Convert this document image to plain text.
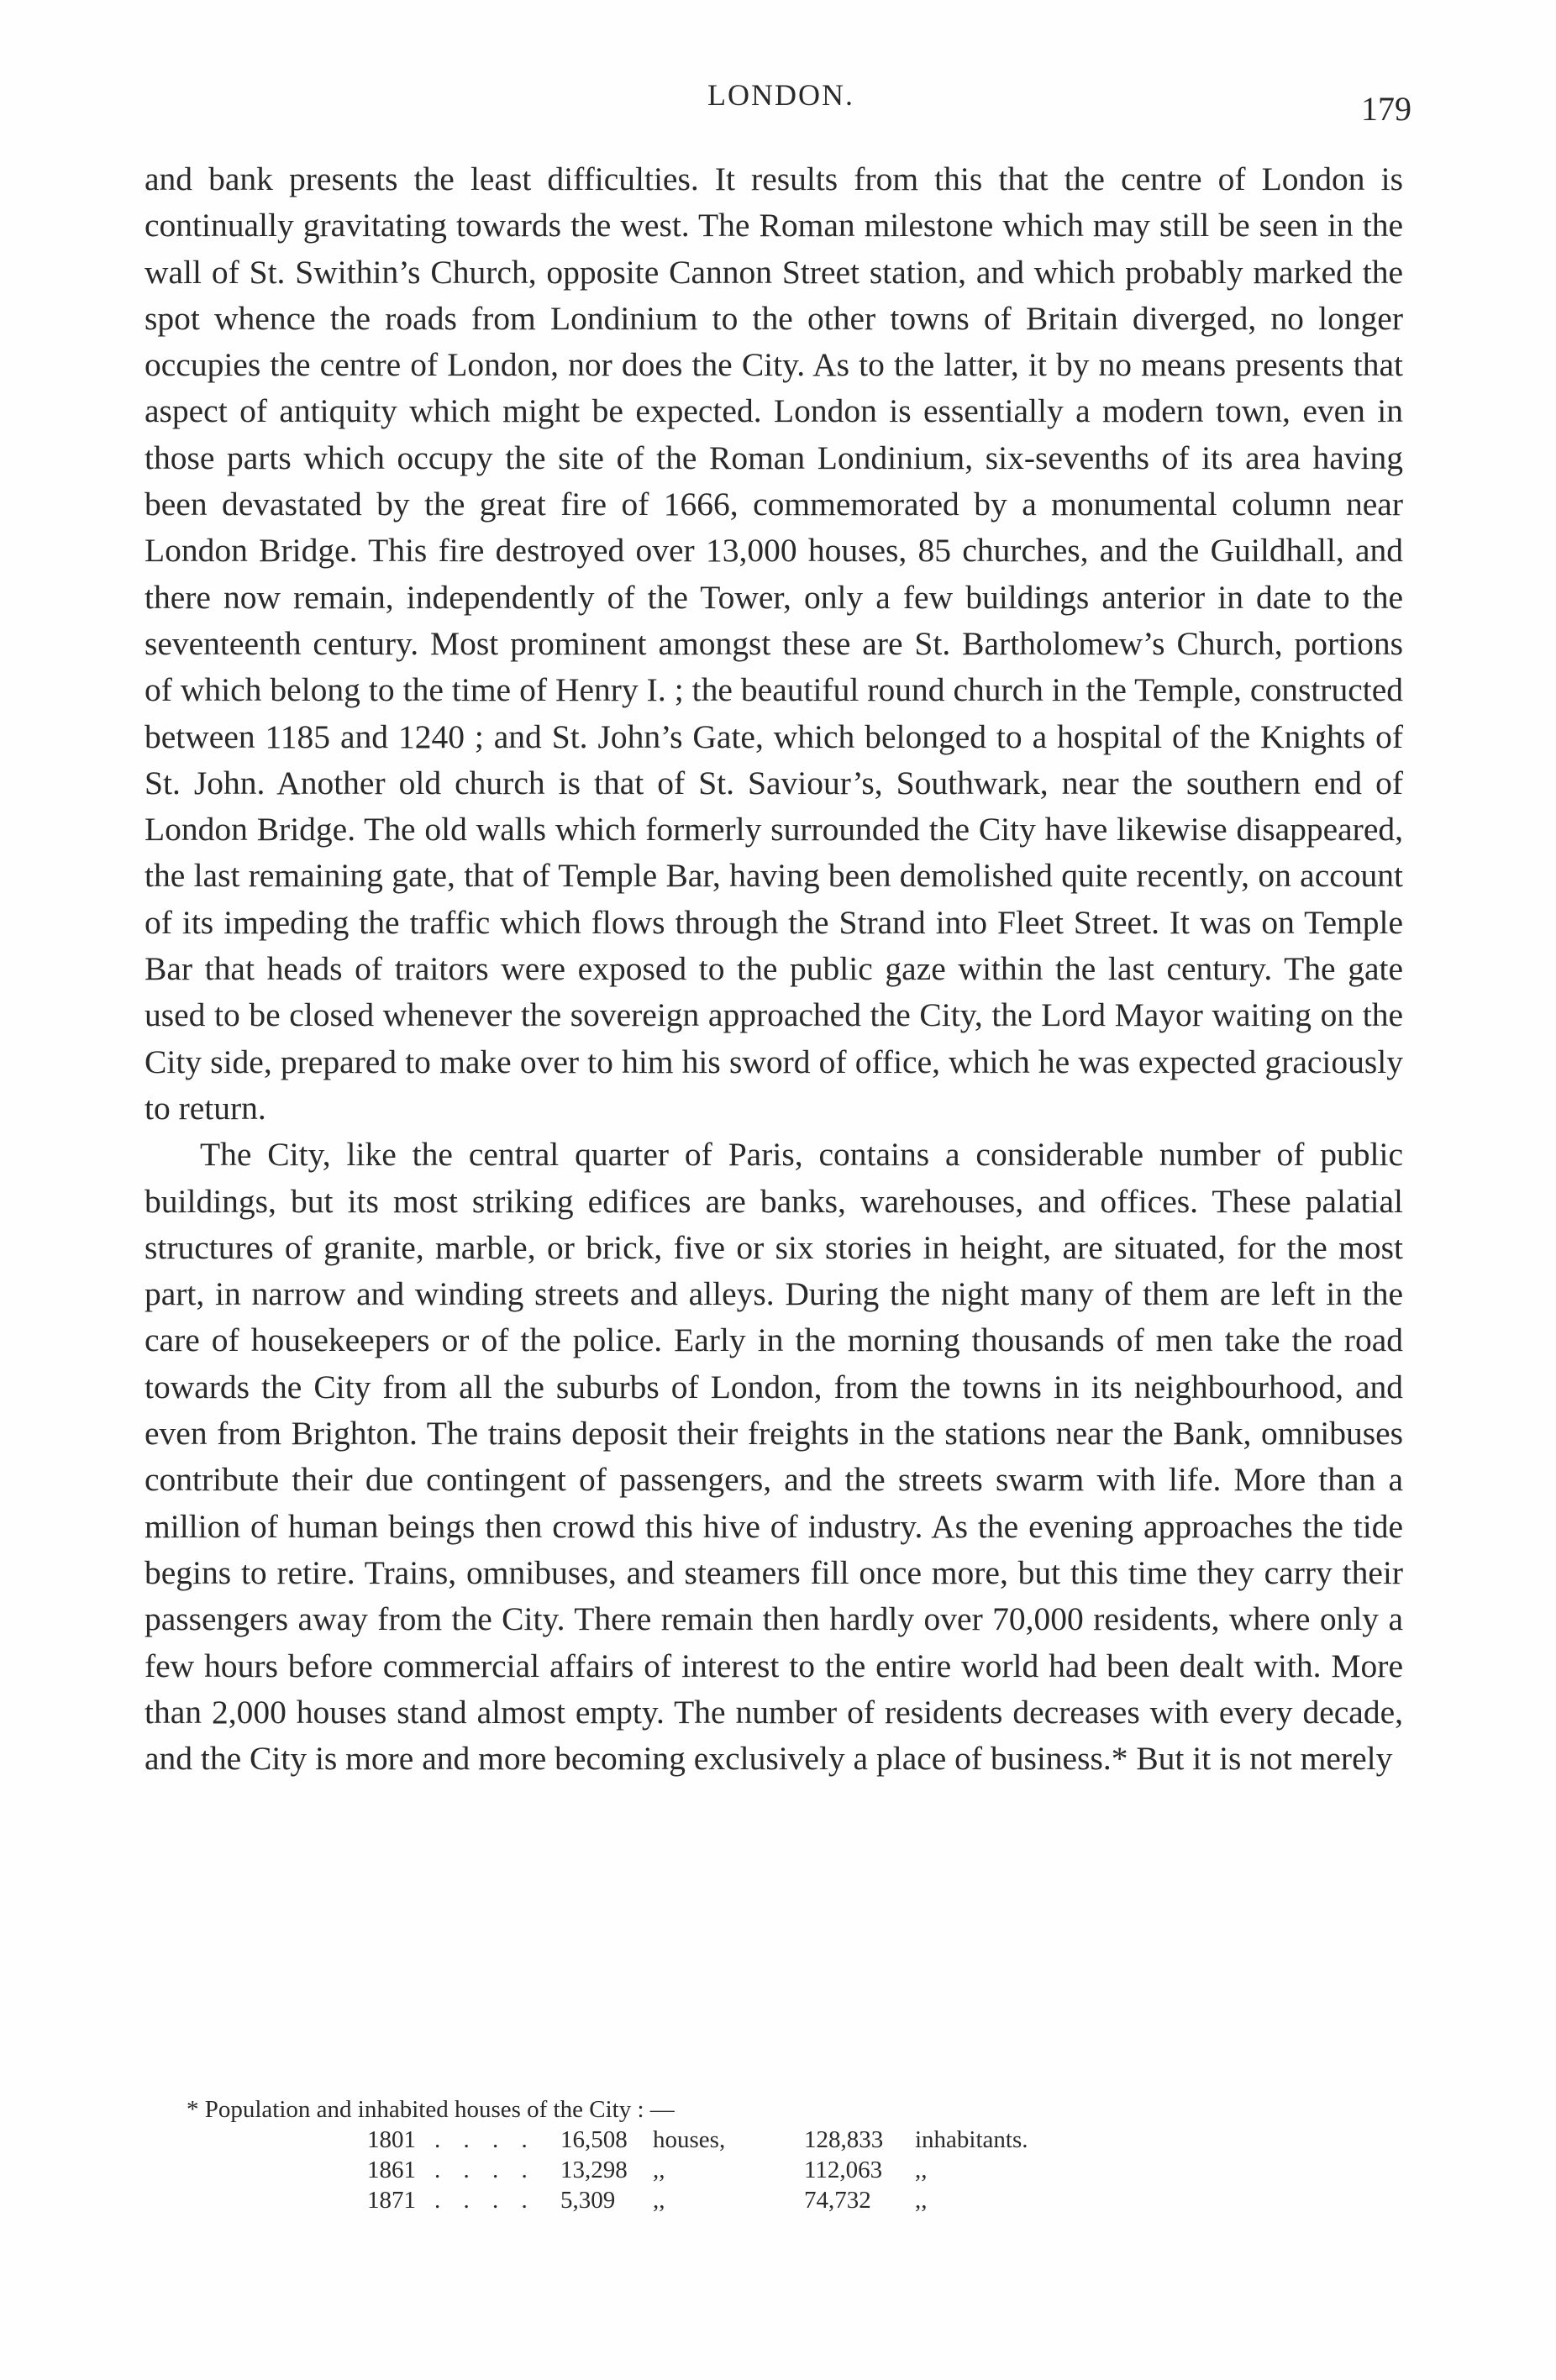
LONDON.	179

and bank presents the least difficulties. It results from this that the centre of London is continually gravitating towards the west. The Roman milestone which may still be seen in the wall of St. Swithin’s Church, opposite Cannon Street station, and which probably marked the spot whence the roads from Londinium to the other towns of Britain diverged, no longer occupies the centre of London, nor does the City. As to the latter, it by no means presents that aspect of antiquity which might be expected. London is essentially a modern town, even in those parts which occupy the site of the Roman Londinium, six-sevenths of its area having been devastated by the great fire of 1666, commemorated by a monumental column near London Bridge. This fire destroyed over 13,000 houses, 85 churches, and the Guildhall, and there now remain, independently of the Tower, only a few buildings anterior in date to the seventeenth century. Most prominent amongst these are St. Bartholomew’s Church, portions of which belong to the time of Henry I. ; the beautiful round church in the Temple, constructed between 1185 and 1240 ; and St. John’s Gate, which belonged to a hospital of the Knights of St. John. Another old church is that of St. Saviour’s, Southwark, near the southern end of London Bridge. The old walls which formerly surrounded the City have likewise disappeared, the last remaining gate, that of Temple Bar, having been demolished quite recently, on account of its impeding the traffic which flows through the Strand into Fleet Street. It was on Temple Bar that heads of traitors were exposed to the public gaze within the last century. The gate used to be closed whenever the sovereign approached the City, the Lord Mayor waiting on the City side, prepared to make over to him his sword of office, which he was expected graciously to return.

The City, like the central quarter of Paris, contains a considerable number of public buildings, but its most striking edifices are banks, warehouses, and offices. These palatial structures of granite, marble, or brick, five or six stories in height, are situated, for the most part, in narrow and winding streets and alleys. During the night many of them are left in the care of housekeepers or of the police. Early in the morning thousands of men take the road towards the City from all the suburbs of London, from the towns in its neighbourhood, and even from Brighton. The trains deposit their freights in the stations near the Bank, omnibuses contribute their due contingent of passengers, and the streets swarm with life. More than a million of human beings then crowd this hive of industry. As the evening approaches the tide begins to retire. Trains, omnibuses, and steamers fill once more, but this time they carry their passengers away from the City. There remain then hardly over 70,000 residents, where only a few hours before commercial affairs of interest to the entire world had been dealt with. More than 2,000 houses stand almost empty. The number of residents decreases with every decade, and the City is more and more becoming exclusively a place of business.* But it is not merely

* Population and inhabited houses of the City : —
1801	. . . .	16,508	houses,	128,833	inhabitants.
1861	. . . .	13,298	,,	112,063	,,
1871	. . . .	5,309	,,	74,732	,,
